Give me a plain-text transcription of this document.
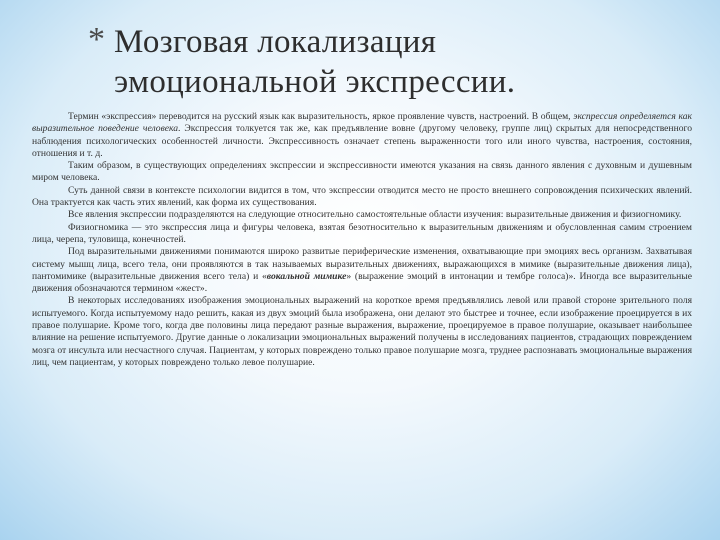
* Мозговая локализация
эмоциональной экспрессии.

Термин «экспрессия» переводится на русский язык как выразительность, яркое проявление чувств, настроений. В общем, экспрессия определяется как выразительное поведение человека. Экспрессия толкуется так же, как предъявление вовне (другому человеку, группе лиц) скрытых для непосредственного наблюдения психологических особенностей личности. Экспрессивность означает степень выраженности того или иного чувства, настроения, состояния, отношения и т. д.

Таким образом, в существующих определениях экспрессии и экспрессивности имеются указания на связь данного явления с духовным и душевным миром человека.

Суть данной связи в контексте психологии видится в том, что экспрессии отводится место не просто внешнего сопровождения психических явлений. Она трактуется как часть этих явлений, как форма их существования.

Все явления экспрессии подразделяются на следующие относительно самостоятельные области изучения: выразительные движения и физиогномику.

Физиогномика — это экспрессия лица и фигуры человека, взятая безотносительно к выразительным движениям и обусловленная самим строением лица, черепа, туловища, конечностей.

Под выразительными движениями понимаются широко развитые периферические изменения, охватывающие при эмоциях весь организм. Захватывая систему мышц лица, всего тела, они проявляются в так называемых выразительных движениях, выражающихся в мимике (выразительные движения лица), пантомимике (выразительные движения всего тела) и «вокальной мимике» (выражение эмоций в интонации и тембре голоса)». Иногда все выразительные движения обозначаются термином «жест».

В некоторых исследованиях изображения эмоциональных выражений на короткое время предъявлялись левой или правой стороне зрительного поля испытуемого. Когда испытуемому надо решить, какая из двух эмоций была изображена, они делают это быстрее и точнее, если изображение проецируется в их правое полушарие. Кроме того, когда две половины лица передают разные выражения, выражение, проецируемое в правое полушарие, оказывает наибольшее влияние на решение испытуемого. Другие данные о локализации эмоциональных выражений получены в исследованиях пациентов, страдающих повреждением мозга от инсульта или несчастного случая. Пациентам, у которых повреждено только правое полушарие мозга, труднее распознавать эмоциональные выражения лиц, чем пациентам, у которых повреждено только левое полушарие.
